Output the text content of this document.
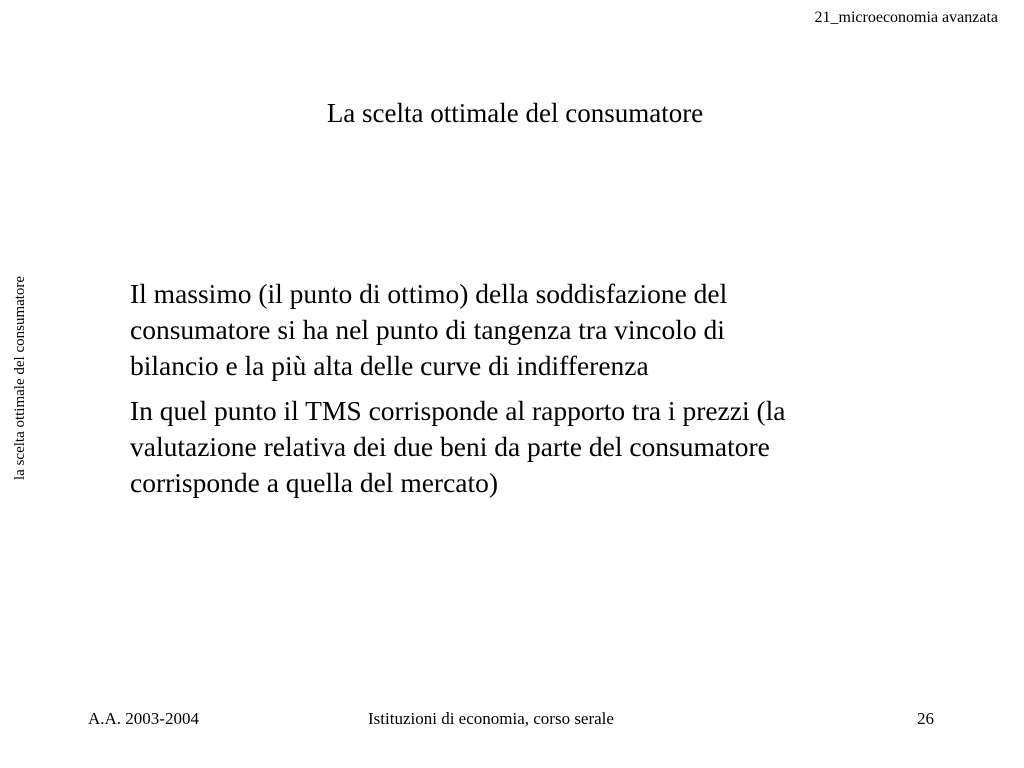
21_microeconomia avanzata
La scelta ottimale del consumatore
la scelta ottimale del consumatore	Il massimo (il punto di ottimo) della soddisfazione del
consumatore si ha nel punto di tangenza tra vincolo di
bilancio e la più alta delle curve di indifferenza
In quel punto il TMS corrisponde al rapporto tra i prezzi (la
valutazione relativa dei due beni da parte del consumatore
corrisponde a quella del mercato)
A.A. 2003-2004	Istituzioni di economia, corso serale	26
